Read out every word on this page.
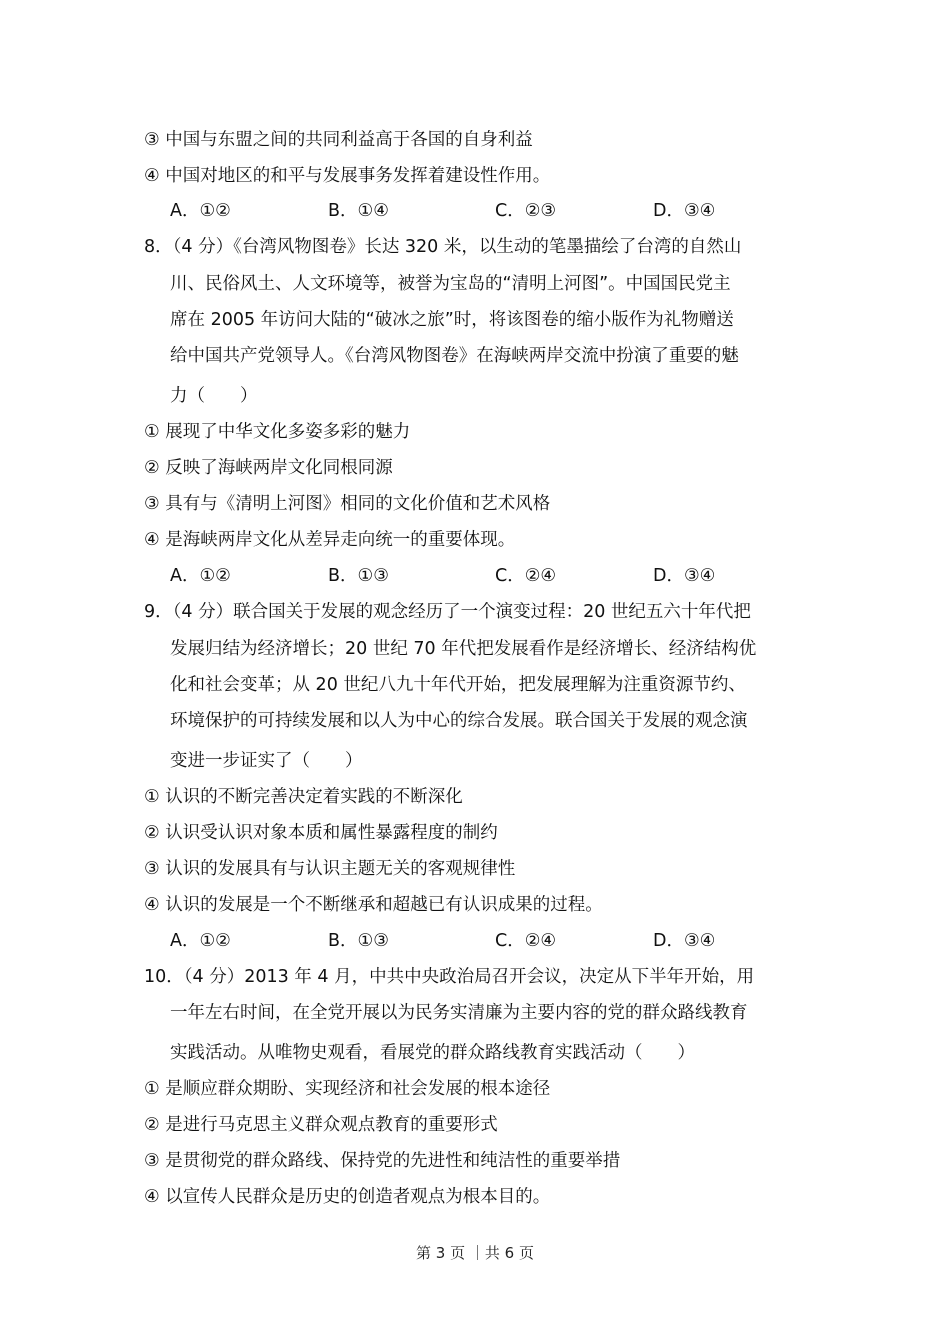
③ 中国与东盟之间的共同利益高于各国的自身利益
④ 中国对地区的和平与发展事务发挥着建设性作用。
A．①②	B．①④	C．②③	D．③④
8．（4 分）《台湾风物图卷》长达 320 米，以生动的笔墨描绘了台湾的自然山
川、民俗风土、人文环境等，被誉为宝岛的“清明上河图”。中国国民党主
席在 2005 年访问大陆的“破冰之旅”时，将该图卷的缩小版作为礼物赠送
给中国共产党领导人。《台湾风物图卷》在海峡两岸交流中扮演了重要的魅
力（　　）
① 展现了中华文化多姿多彩的魅力
② 反映了海峡两岸文化同根同源
③ 具有与《清明上河图》相同的文化价值和艺术风格
④ 是海峡两岸文化从差异走向统一的重要体现。
A．①②	B．①③	C．②④	D．③④
9．（4 分）联合国关于发展的观念经历了一个演变过程：20 世纪五六十年代把
发展归结为经济增长；20 世纪 70 年代把发展看作是经济增长、经济结构优
化和社会变革；从 20 世纪八九十年代开始，把发展理解为注重资源节约、
环境保护的可持续发展和以人为中心的综合发展。联合国关于发展的观念演
变进一步证实了（　　）
① 认识的不断完善决定着实践的不断深化
② 认识受认识对象本质和属性暴露程度的制约
③ 认识的发展具有与认识主题无关的客观规律性
④ 认识的发展是一个不断继承和超越已有认识成果的过程。
A．①②	B．①③	C．②④	D．③④
10．（4 分）2013 年 4 月，中共中央政治局召开会议，决定从下半年开始，用
一年左右时间，在全党开展以为民务实清廉为主要内容的党的群众路线教育
实践活动。从唯物史观看，看展党的群众路线教育实践活动（　　）
① 是顺应群众期盼、实现经济和社会发展的根本途径
② 是进行马克思主义群众观点教育的重要形式
③ 是贯彻党的群众路线、保持党的先进性和纯洁性的重要举措
④ 以宣传人民群众是历史的创造者观点为根本目的。
第 3 页 ｜共 6 页
